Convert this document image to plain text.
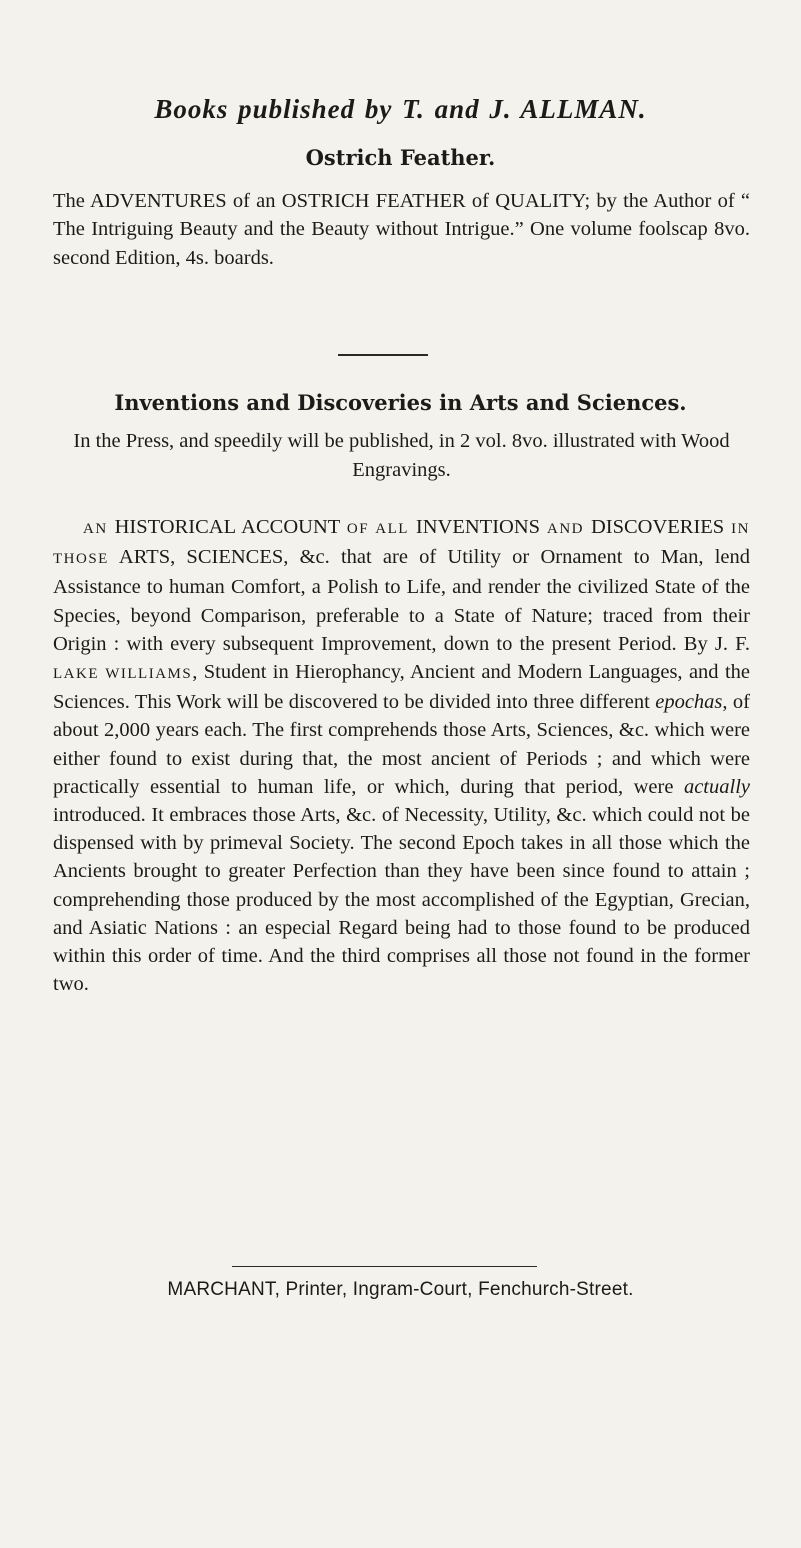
Books published by T. and J. ALLMAN.
Ostrich Feather.
The ADVENTURES of an OSTRICH FEATHER of QUALITY; by the Author of “ The Intriguing Beauty and the Beauty without Intrigue.” One volume foolscap 8vo. second Edition, 4s. boards.
Inventions and Discoveries in Arts and Sciences.
In the Press, and speedily will be published, in 2 vol. 8vo. illustrated with Wood Engravings.
AN HISTORICAL ACCOUNT OF ALL INVENTIONS AND DISCOVERIES IN THOSE ARTS, SCIENCES, &c. that are of Utility or Ornament to Man, lend Assistance to human Comfort, a Polish to Life, and render the civilized State of the Species, beyond Comparison, preferable to a State of Nature; traced from their Origin : with every subsequent Improvement, down to the present Period. By J. F. LAKE WILLIAMS, Student in Hierophancy, Ancient and Modern Languages, and the Sciences. This Work will be discovered to be divided into three different epochas, of about 2,000 years each. The first comprehends those Arts, Sciences, &c. which were either found to exist during that, the most ancient of Periods ; and which were practically essential to human life, or which, during that period, were actually introduced. It embraces those Arts, &c. of Necessity, Utility, &c. which could not be dispensed with by primeval Society. The second Epoch takes in all those which the Ancients brought to greater Perfection than they have been since found to attain ; comprehending those produced by the most accomplished of the Egyptian, Grecian, and Asiatic Nations : an especial Regard being had to those found to be produced within this order of time. And the third comprises all those not found in the former two.
MARCHANT, Printer, Ingram-Court, Fenchurch-Street.
